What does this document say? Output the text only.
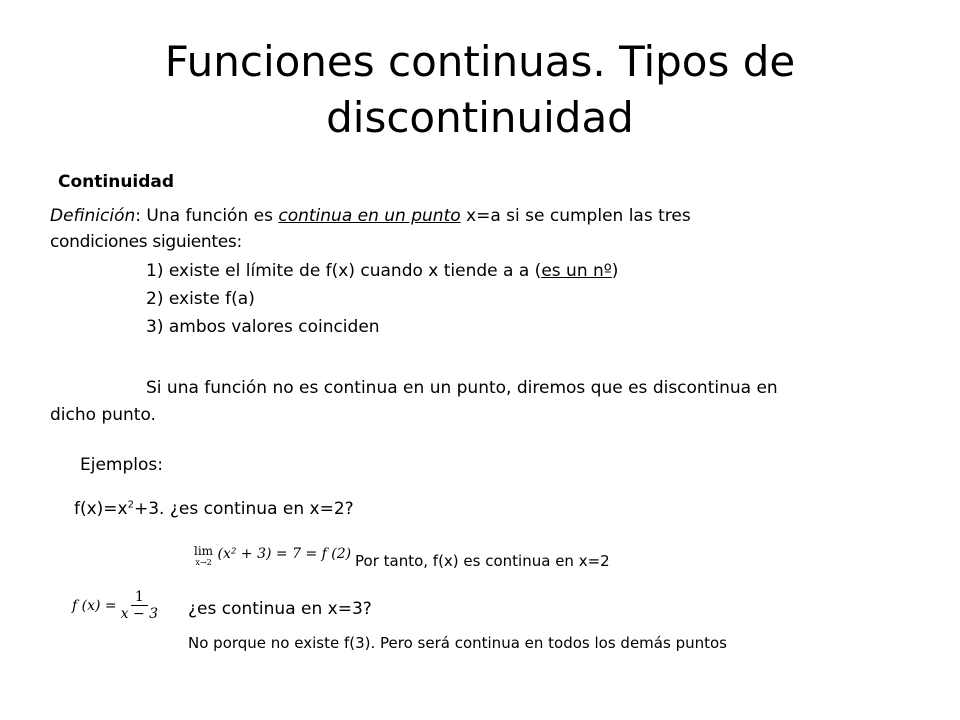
Funciones continuas. Tipos de
discontinuidad
Continuidad
Definición: Una función es continua en un punto x=a si se cumplen las tres
condiciones siguientes:
1) existe el límite de f(x) cuando x tiende a a (es un nº)
2) existe f(a)
3) ambos valores coinciden
Si una función no es continua en un punto, diremos que es discontinua en
dicho punto.
Ejemplos:
$f(x)=x^2+3$. ¿es continua en x=2?
lim
x→2
(x² + 3) = 7 = f (2) Por tanto, f(x) es continua en x=2
f $(x) = \frac{1}{x - 3}$ ¿es continua en x=3?
No porque no existe f(3). Pero será continua en todos los demás puntos
